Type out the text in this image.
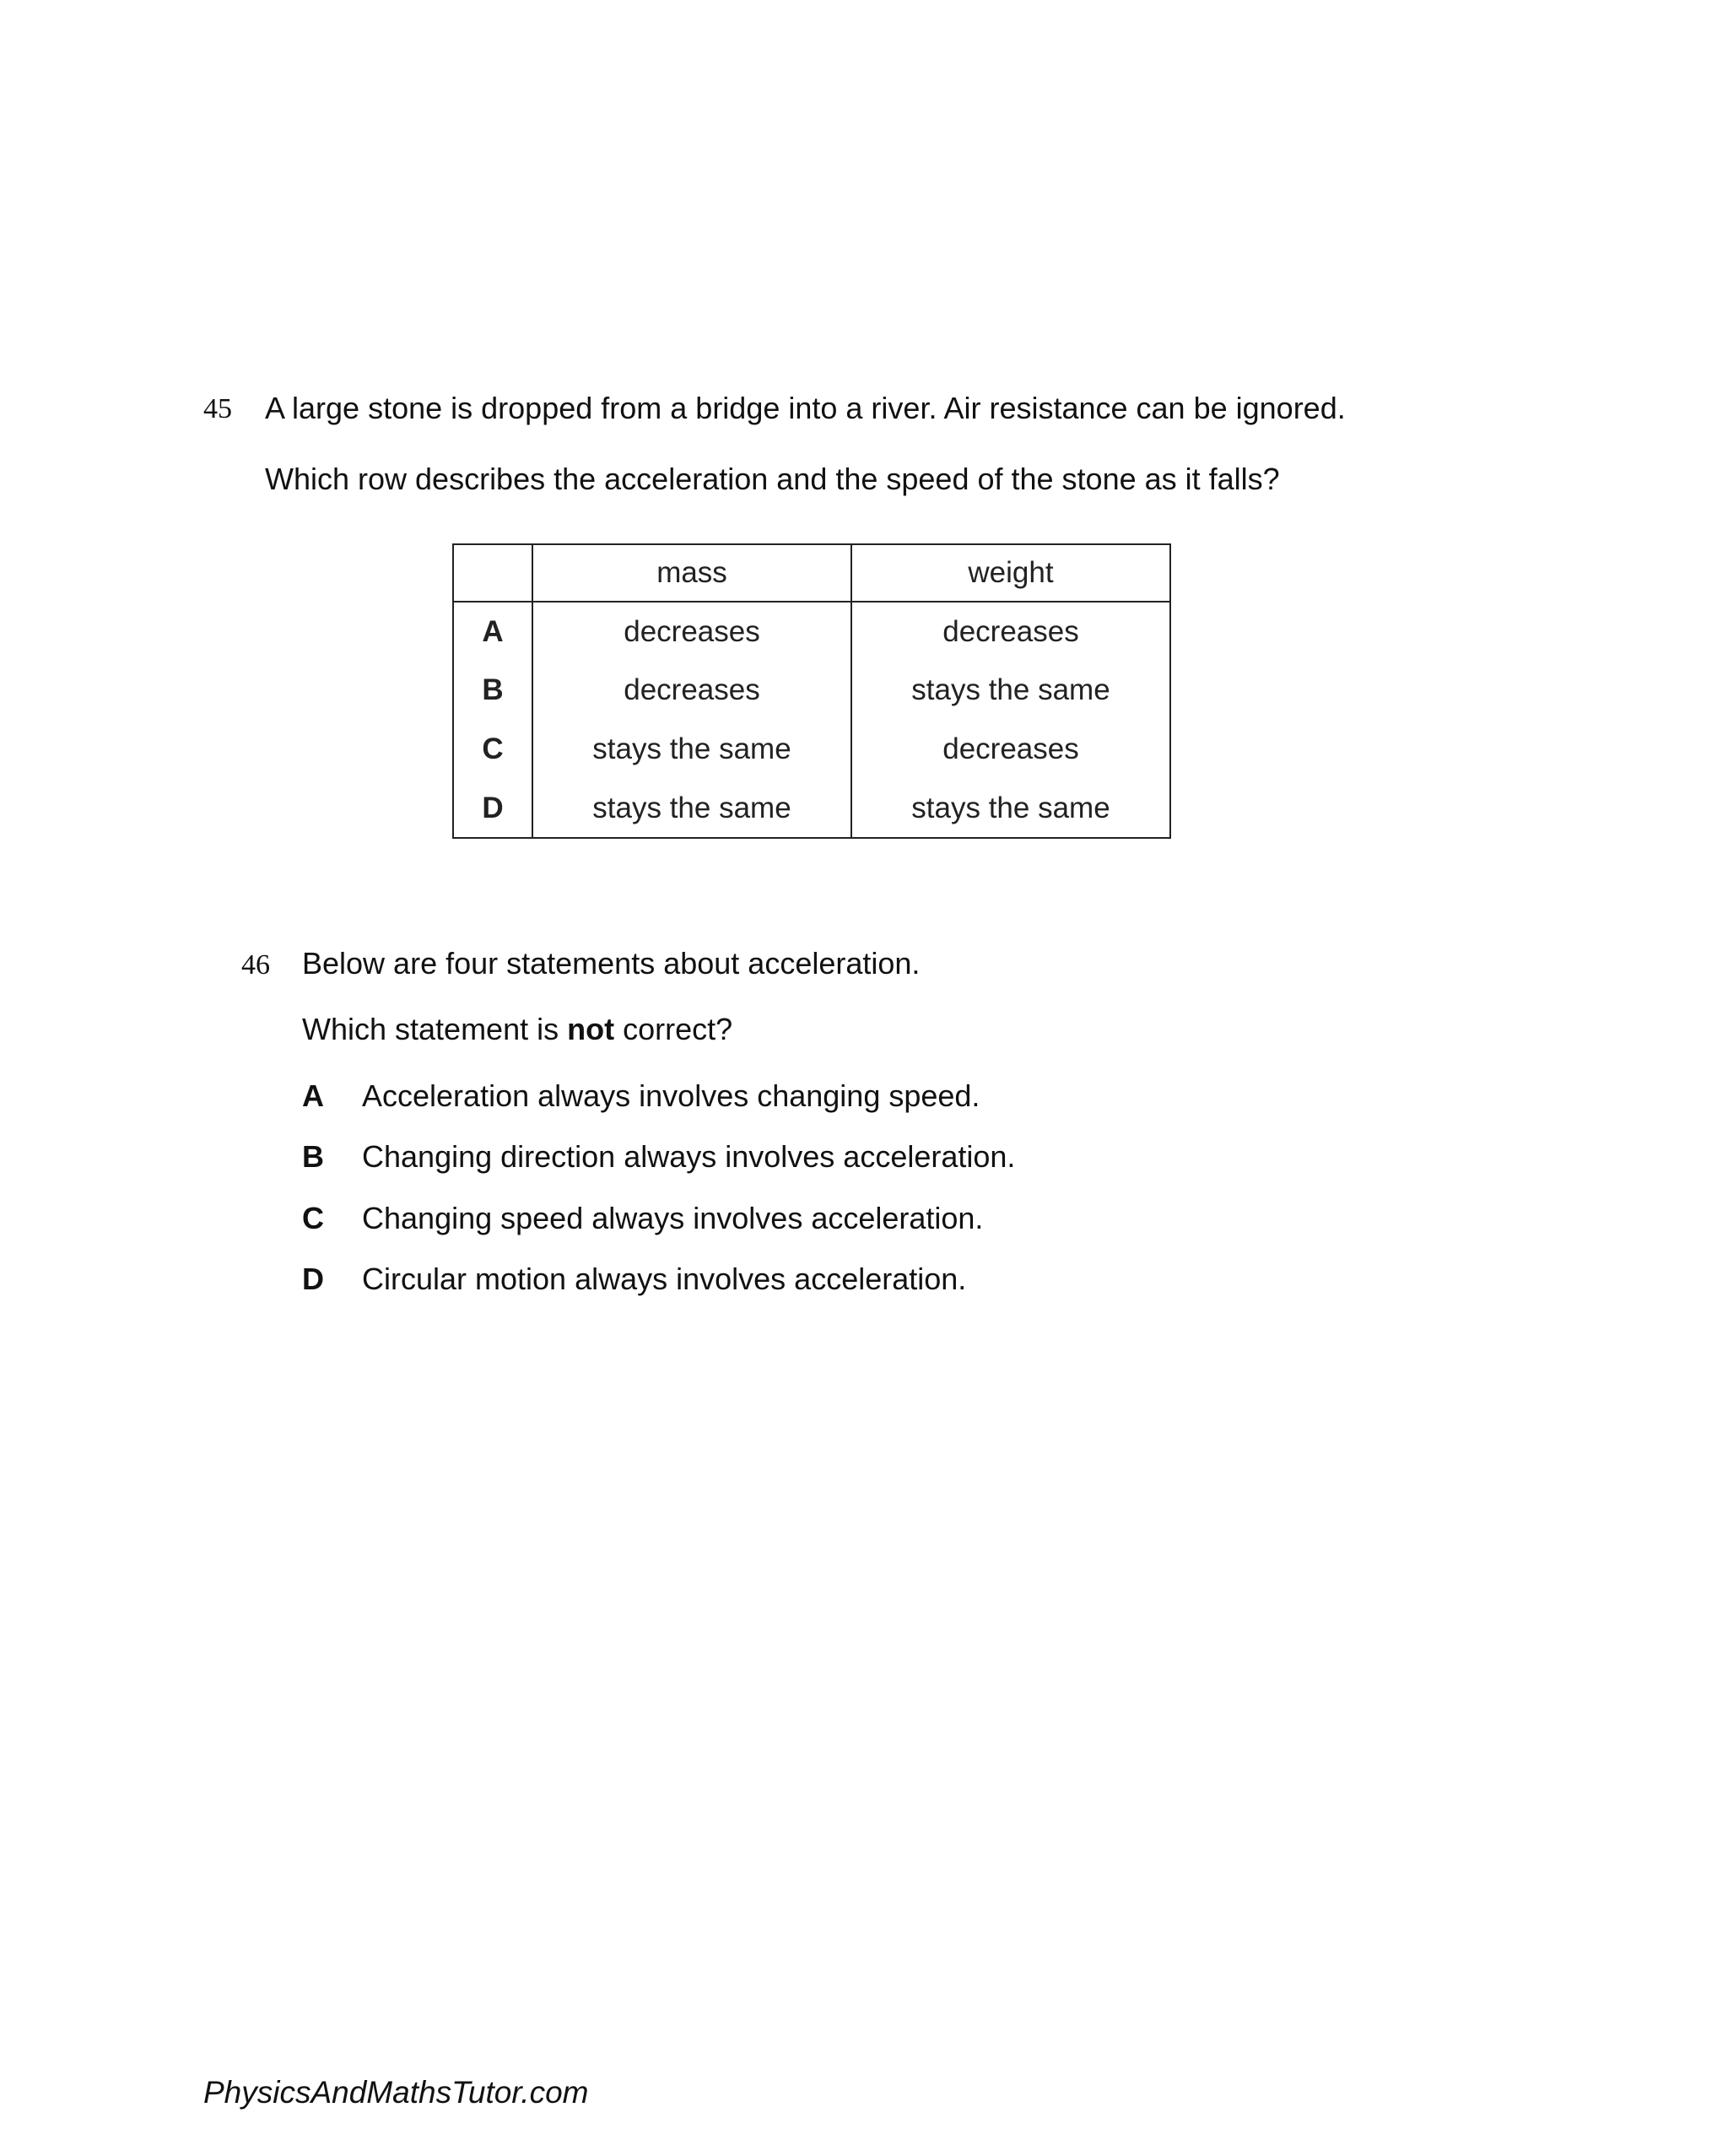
45 A large stone is dropped from a bridge into a river. Air resistance can be ignored.
Which row describes the acceleration and the speed of the stone as it falls?
	mass	weight
A	decreases	decreases
B	decreases	stays the same
C	stays the same	decreases
D	stays the same	stays the same
46 Below are four statements about acceleration.
Which statement is not correct?
A Acceleration always involves changing speed.
B Changing direction always involves acceleration.
C Changing speed always involves acceleration.
D Circular motion always involves acceleration.
PhysicsAndMathsTutor.com
